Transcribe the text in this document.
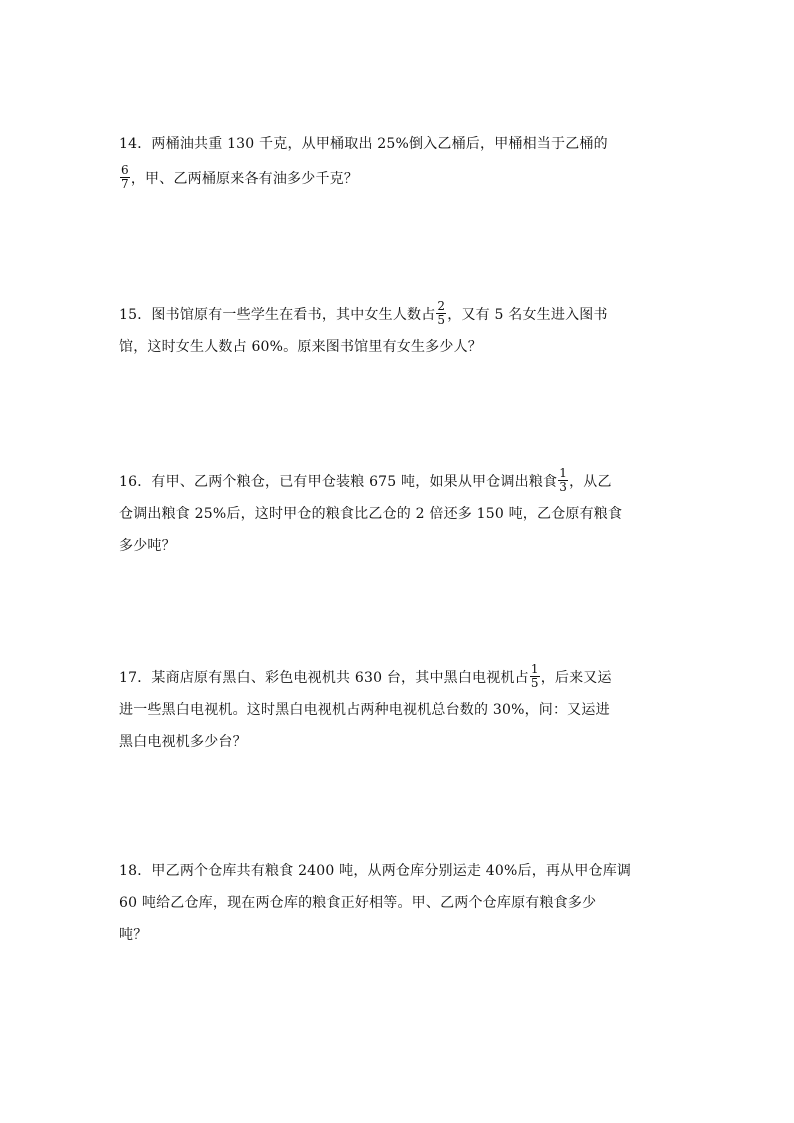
14．两桶油共重 130 千克，从甲桶取出 25%倒入乙桶后，甲桶相当于乙桶的
$\frac{6}{7}$ ，甲、乙两桶原来各有油多少千克？
15．图书馆原有一些学生在看书，其中女生人数占 $\frac{2}{5}$ ，又有 5 名女生进入图书
馆，这时女生人数占 60%。原来图书馆里有女生多少人？
16．有甲、乙两个粮仓，已有甲仓装粮 675 吨，如果从甲仓调出粮食 $\frac{1}{3}$ ，从乙
仓调出粮食 25%后，这时甲仓的粮食比乙仓的 2 倍还多 150 吨，乙仓原有粮食
多少吨？
17．某商店原有黑白、彩色电视机共 630 台，其中黑白电视机占 $\frac{1}{5}$ ，后来又运
进一些黑白电视机。这时黑白电视机占两种电视机总台数的 30%，问：又运进
黑白电视机多少台？
18．甲乙两个仓库共有粮食 2400 吨，从两仓库分别运走 40%后，再从甲仓库调
60 吨给乙仓库，现在两仓库的粮食正好相等。甲、乙两个仓库原有粮食多少
吨？
